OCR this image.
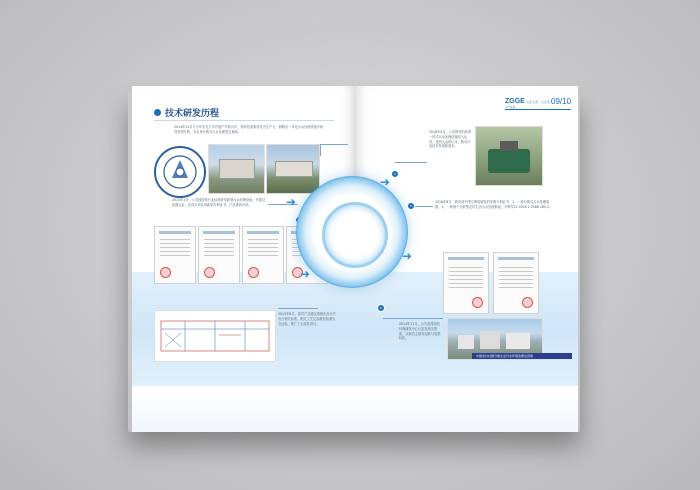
技术研发历程
2014年12月与与华东交大学开展产学研合作，将科技成果转化为生产力，研制出一体化污水处理设备并取得发明专利，为实现分散式污水处理奠定基础。
2015年1月，公司按国家行业标准研发新型污水处理设备，并通过检测认证，获得多项实用新型专利证书，产品推向市场。
2015年8月，我司产品通过系统化设计并出台相关标准，相关工艺及参数经检测完全达标，推广了示范性项目。
ZGGE
中广环保
关爱水源 · 关注您人
09/10
2016年4月，公司研发的新型一体式污水处理设备投入运用，受到大众的认可，推动行业技术发展和进步。
4
2016年8月，我司获中国专利局颁发的发明专利证书：1、一种分散式污水处理装置；2、一种基于分散型农村生活污水处理系统，专利号ZL 2016 2 0588 465.3。
5
2014年11月，公司获得绿色环保研发中心认定及相关资质，实现自主研发创新与成果转化。
6
中国农村村镇分散生活污水环境治理运营商
➜
➜
➜
➜
